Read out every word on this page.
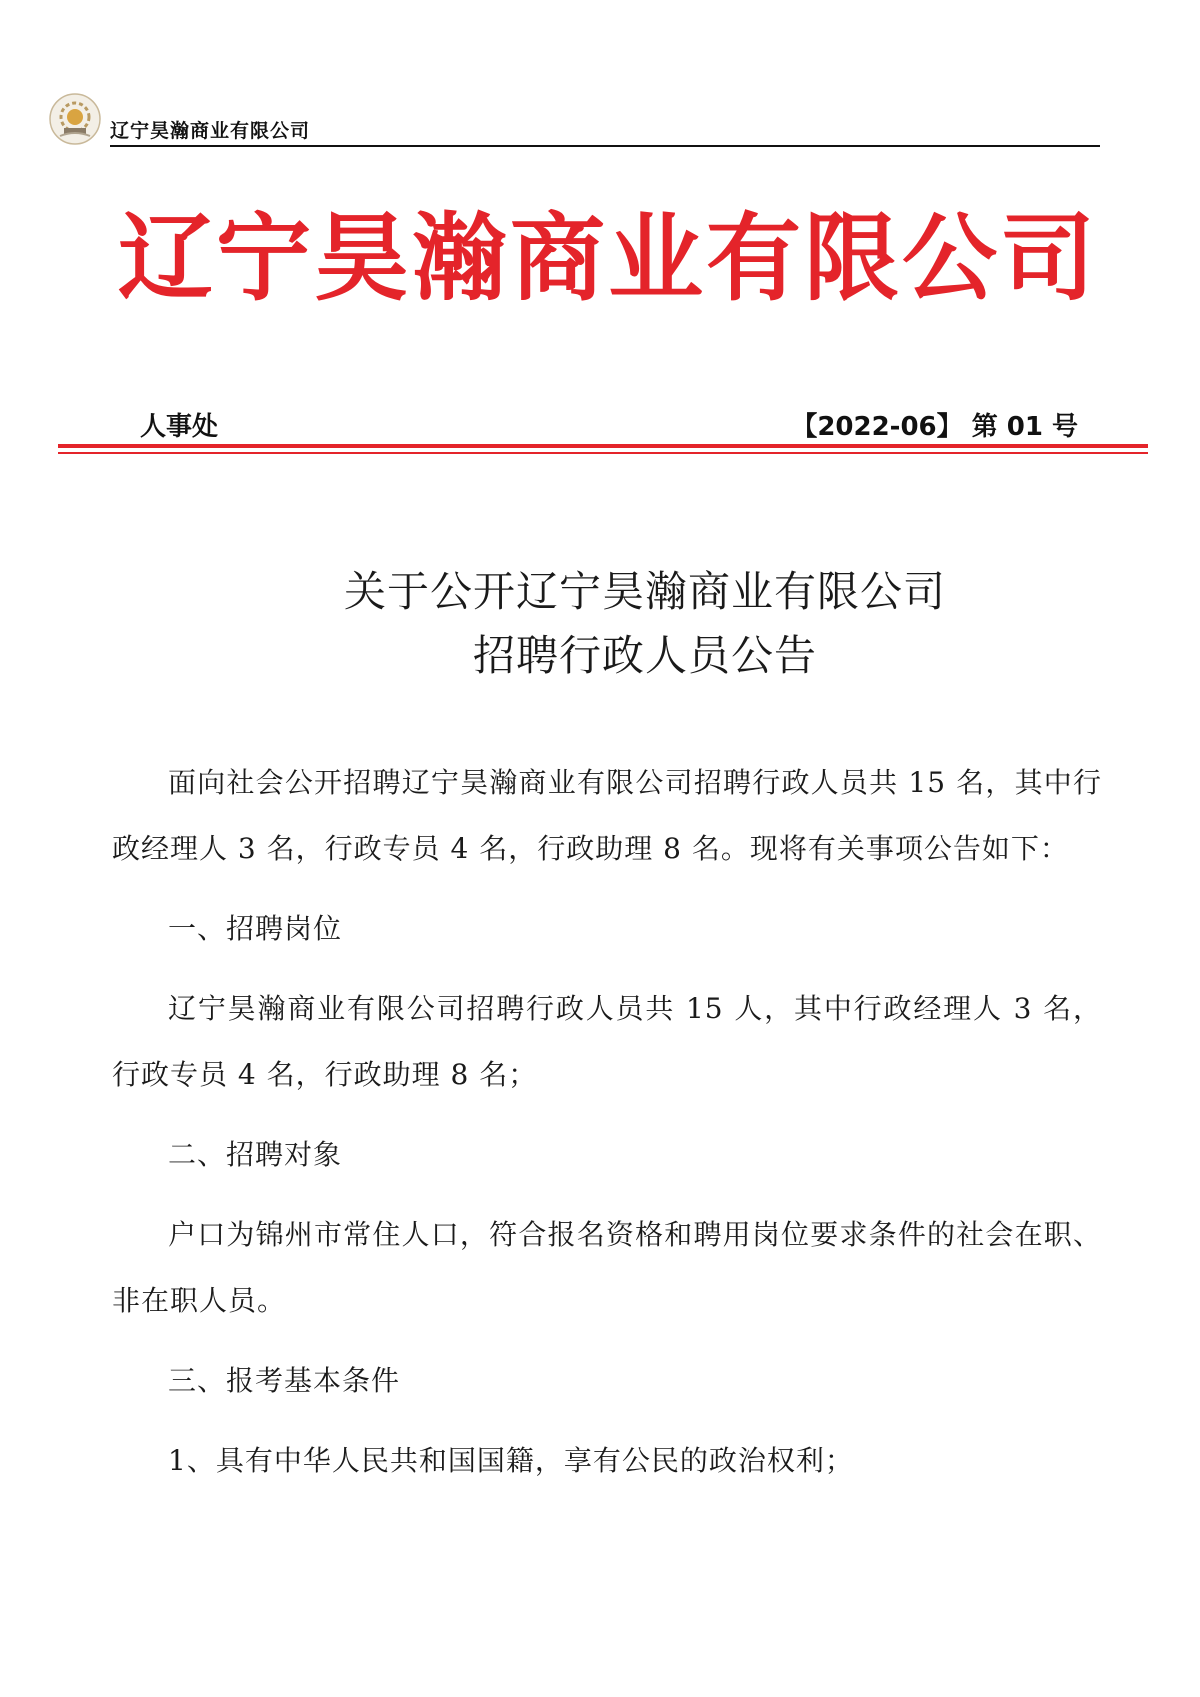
辽宁昊瀚商业有限公司
辽宁昊瀚商业有限公司
人事处	【2022-06】 第 01 号
关于公开辽宁昊瀚商业有限公司
招聘行政人员公告

面向社会公开招聘辽宁昊瀚商业有限公司招聘行政人员共 15 名，其中行政经理人 3 名，行政专员 4 名，行政助理 8 名。现将有关事项公告如下：

一、招聘岗位

辽宁昊瀚商业有限公司招聘行政人员共 15 人，其中行政经理人 3 名，行政专员 4 名，行政助理 8 名；

二、招聘对象

户口为锦州市常住人口，符合报名资格和聘用岗位要求条件的社会在职、非在职人员。

三、报考基本条件

1、具有中华人民共和国国籍，享有公民的政治权利；
